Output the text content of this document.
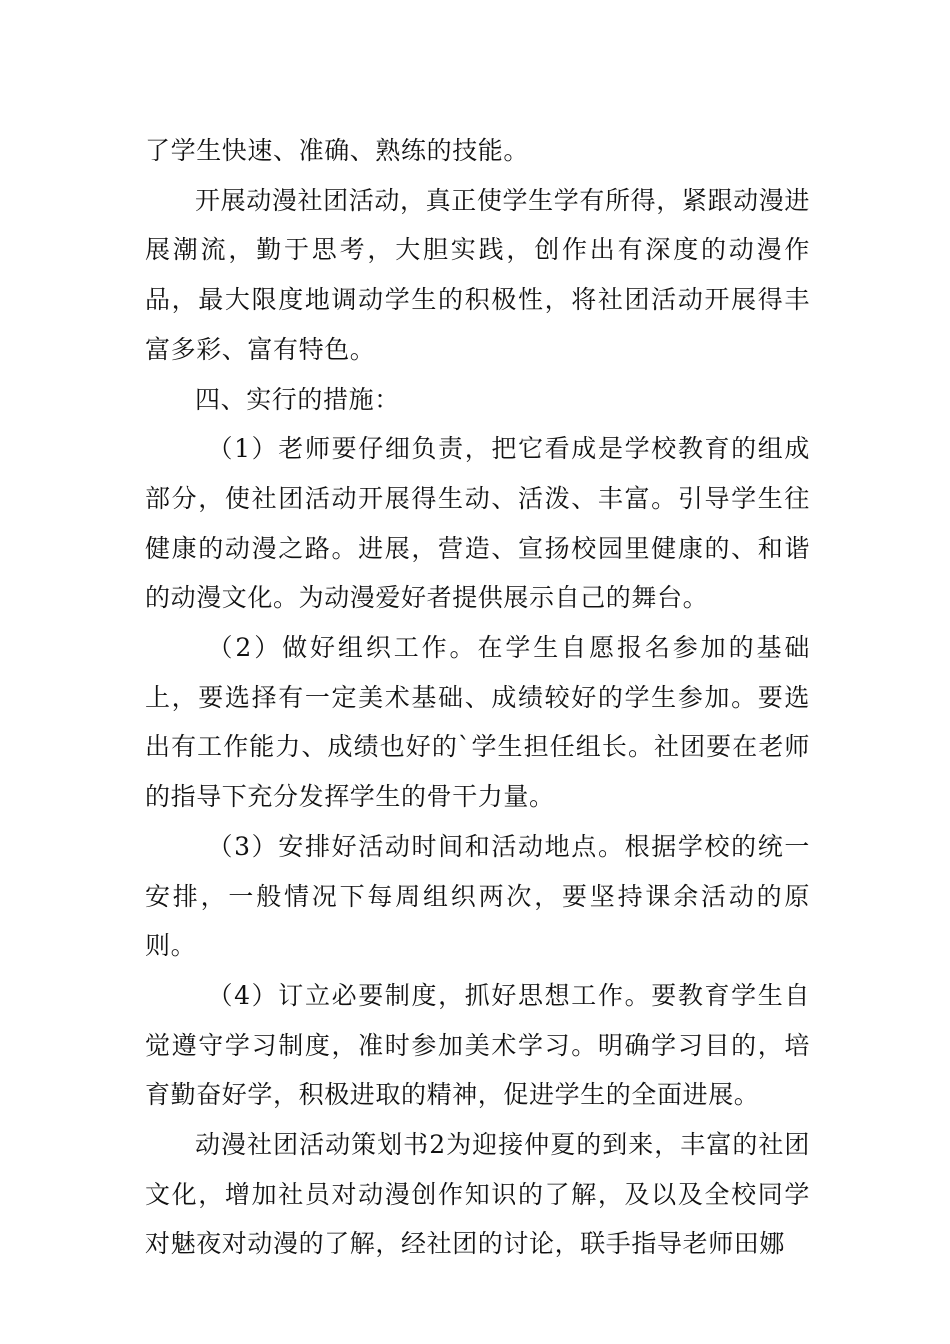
了学生快速、准确、熟练的技能。

开展动漫社团活动，真正使学生学有所得，紧跟动漫进展潮流，勤于思考，大胆实践，创作出有深度的动漫作品，最大限度地调动学生的积极性，将社团活动开展得丰富多彩、富有特色。

四、实行的措施：

（1）老师要仔细负责，把它看成是学校教育的组成部分，使社团活动开展得生动、活泼、丰富。引导学生往健康的动漫之路。进展，营造、宣扬校园里健康的、和谐的动漫文化。为动漫爱好者提供展示自己的舞台。

（2）做好组织工作。在学生自愿报名参加的基础上，要选择有一定美术基础、成绩较好的学生参加。要选出有工作能力、成绩也好的`学生担任组长。社团要在老师的指导下充分发挥学生的骨干力量。

（3）安排好活动时间和活动地点。根据学校的统一安排，一般情况下每周组织两次，要坚持课余活动的原则。

（4）订立必要制度，抓好思想工作。要教育学生自觉遵守学习制度，准时参加美术学习。明确学习目的，培育勤奋好学，积极进取的精神，促进学生的全面进展。

动漫社团活动策划书2为迎接仲夏的到来，丰富的社团文化，增加社员对动漫创作知识的了解，及以及全校同学对魅夜对动漫的了解，经社团的讨论，联手指导老师田娜
